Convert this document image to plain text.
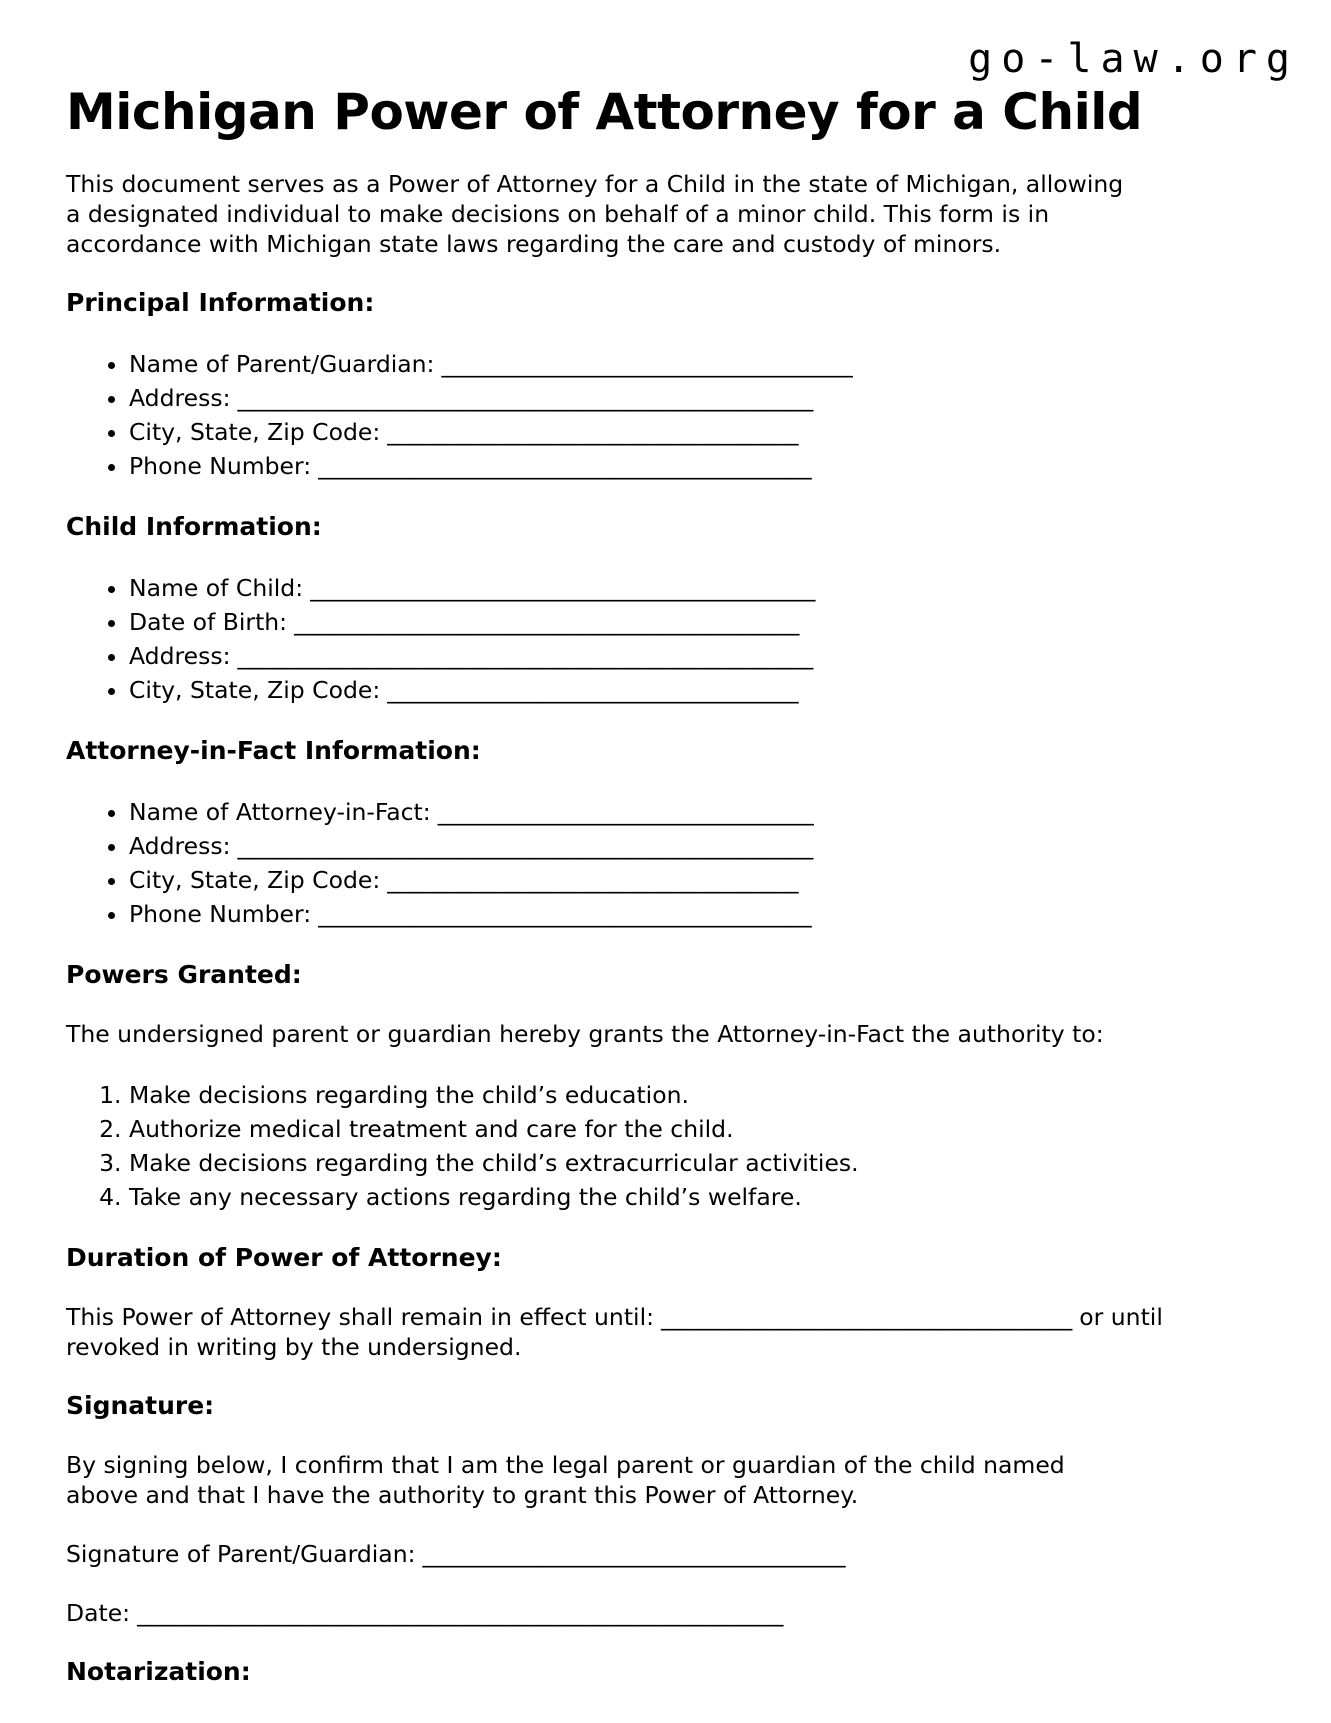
go-law.org
Michigan Power of Attorney for a Child

This document serves as a Power of Attorney for a Child in the state of Michigan, allowing
a designated individual to make decisions on behalf of a minor child. This form is in
accordance with Michigan state laws regarding the care and custody of minors.

Principal Information:
• Name of Parent/Guardian: ___________________________________
• Address: _________________________________________________
• City, State, Zip Code: ___________________________________
• Phone Number: __________________________________________
Child Information:
• Name of Child: ___________________________________________
• Date of Birth: ___________________________________________
• Address: _________________________________________________
• City, State, Zip Code: ___________________________________
Attorney-in-Fact Information:
• Name of Attorney-in-Fact: ________________________________
• Address: _________________________________________________
• City, State, Zip Code: ___________________________________
• Phone Number: __________________________________________
Powers Granted:

The undersigned parent or guardian hereby grants the Attorney-in-Fact the authority to:

1. Make decisions regarding the child’s education.
2. Authorize medical treatment and care for the child.
3. Make decisions regarding the child’s extracurricular activities.
4. Take any necessary actions regarding the child’s welfare.
Duration of Power of Attorney:

This Power of Attorney shall remain in effect until: ___________________________________ or until
revoked in writing by the undersigned.

Signature:

By signing below, I confirm that I am the legal parent or guardian of the child named
above and that I have the authority to grant this Power of Attorney.

Signature of Parent/Guardian: ____________________________________

Date: _______________________________________________________

Notarization:
